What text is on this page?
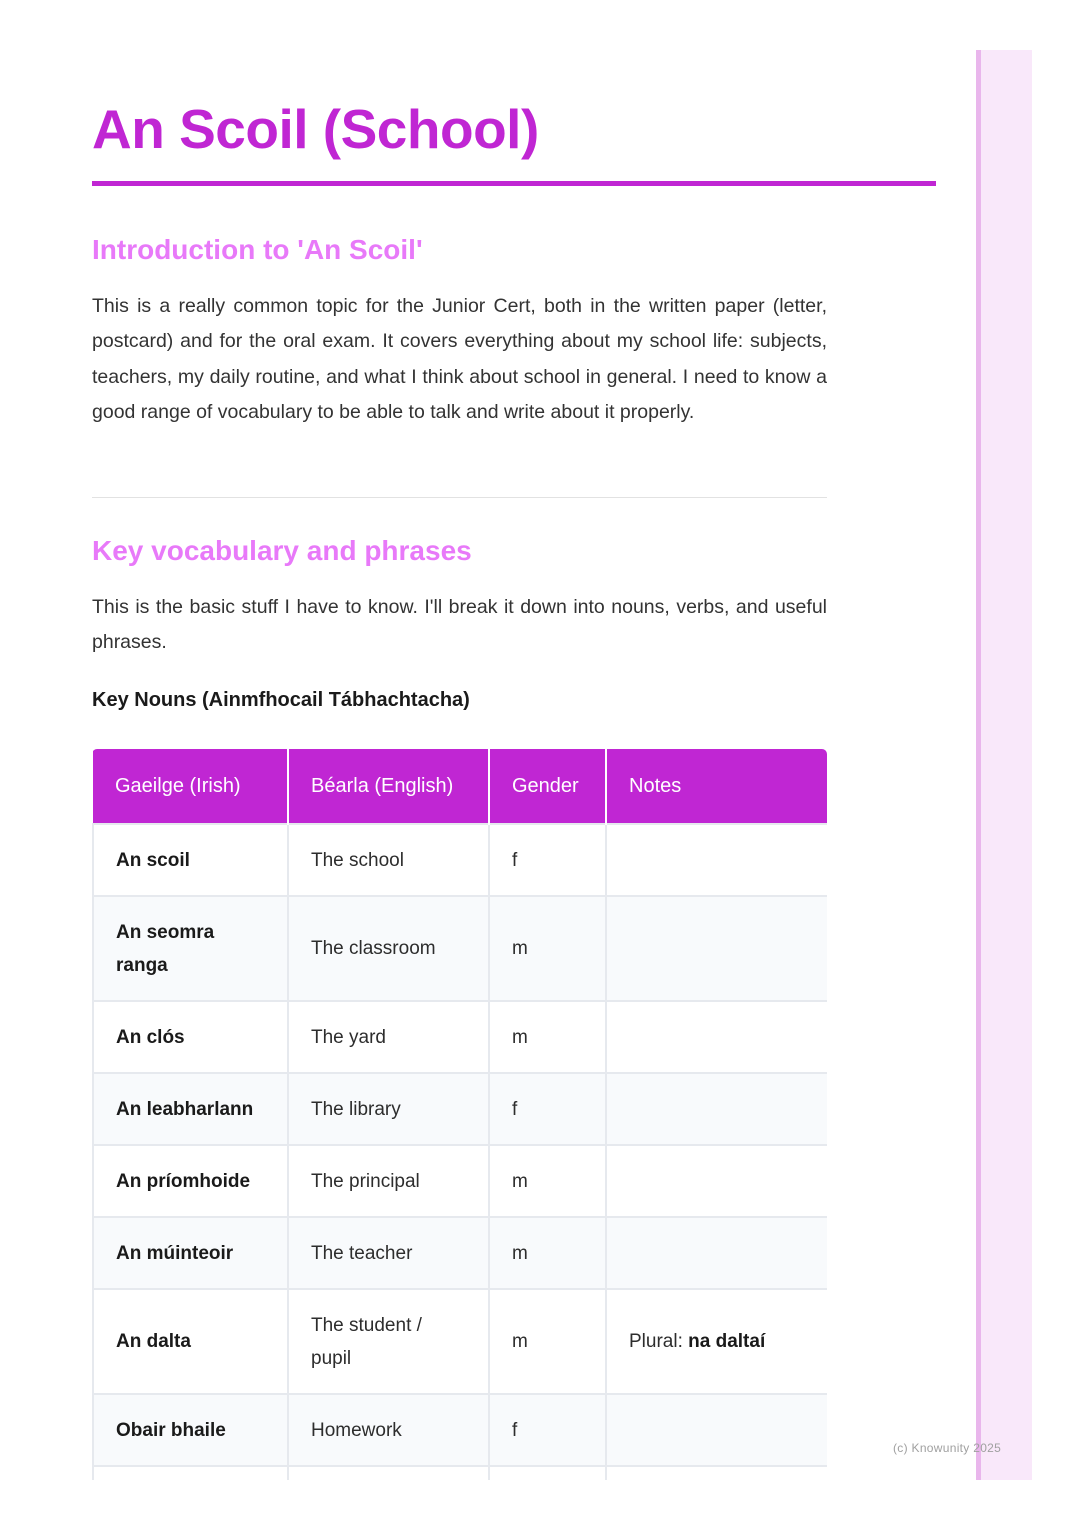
An Scoil (School)
Introduction to 'An Scoil'

This is a really common topic for the Junior Cert, both in the written paper (letter, postcard) and for the oral exam. It covers everything about my school life: subjects, teachers, my daily routine, and what I think about school in general. I need to know a good range of vocabulary to be able to talk and write about it properly.

Key vocabulary and phrases

This is the basic stuff I have to know. I'll break it down into nouns, verbs, and useful phrases.

Key Nouns (Ainmfhocail Tábhachtacha)
Gaeilge (Irish)	Béarla (English)	Gender	Notes
An scoil	The school	f	
An seomra ranga	The classroom	m	
An clós	The yard	m	
An leabharlann	The library	f	
An príomhoide	The principal	m	
An múinteoir	The teacher	m	
An dalta	The student / pupil	m	Plural: na daltaí
Obair bhaile	Homework	f	

(c) Knowunity 2025
